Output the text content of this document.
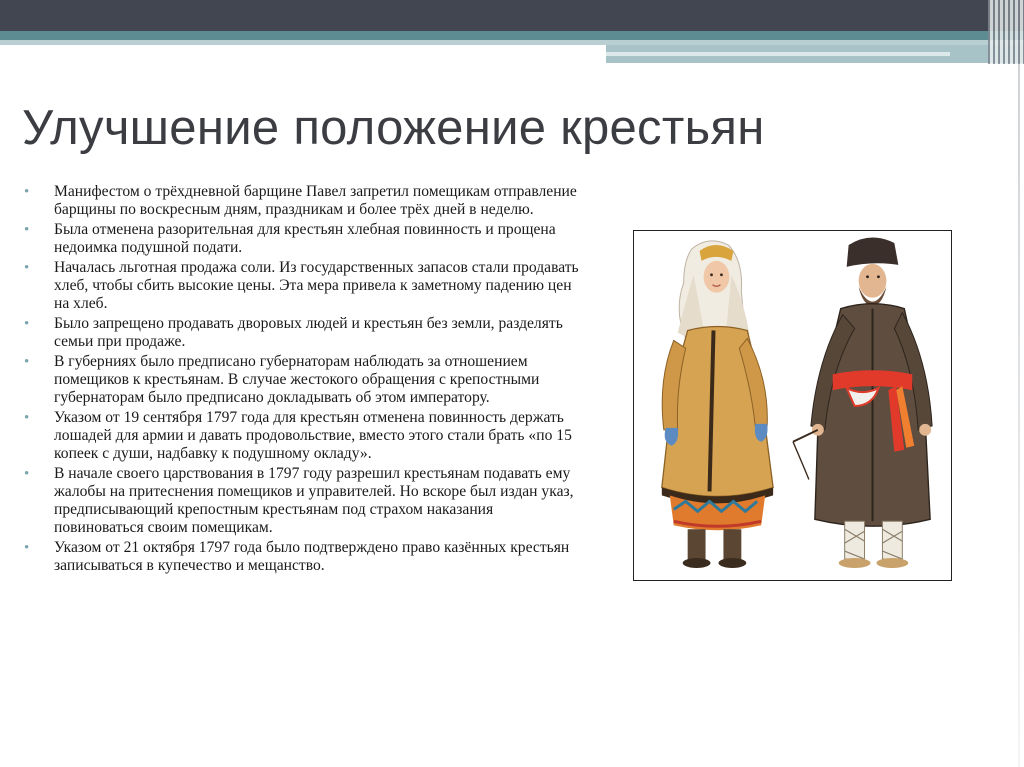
Улучшение положение крестьян
• Манифестом о трёхдневной барщине Павел запретил помещикам отправление барщины по воскресным дням, праздникам и более трёх дней в неделю.
• Была отменена разорительная для крестьян хлебная повинность и прощена недоимка подушной подати.
• Началась льготная продажа соли. Из государственных запасов стали продавать хлеб, чтобы сбить высокие цены. Эта мера привела к заметному падению цен на хлеб.
• Было запрещено продавать дворовых людей и крестьян без земли, разделять семьи при продаже.
• В губерниях было предписано губернаторам наблюдать за отношением помещиков к крестьянам. В случае жестокого обращения с крепостными губернаторам было предписано докладывать об этом императору.
• Указом от 19 сентября 1797 года для крестьян отменена повинность держать лошадей для армии и давать продовольствие, вместо этого стали брать «по 15 копеек с души, надбавку к подушному окладу».
• В начале своего царствования в 1797 году разрешил крестьянам подавать ему жалобы на притеснения помещиков и управителей. Но вскоре был издан указ, предписывающий крепостным крестьянам под страхом наказания повиноваться своим помещикам.
• Указом от 21 октября 1797 года было подтверждено право казённых крестьян записываться в купечество и мещанство.
